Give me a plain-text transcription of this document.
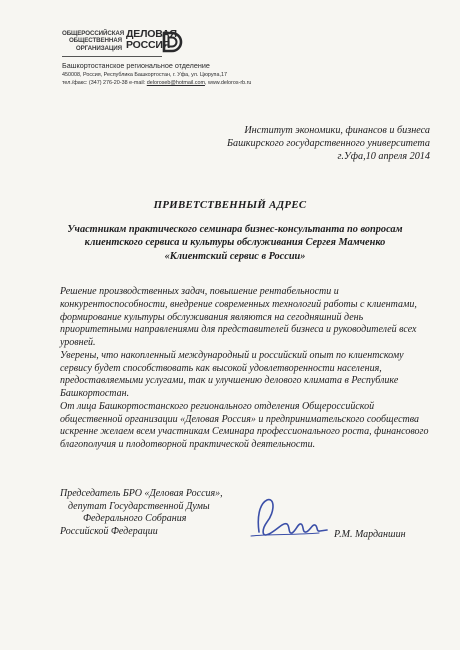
ОБЩЕРОССИЙСКАЯ
ОБЩЕСТВЕННАЯ
ОРГАНИЗАЦИЯ
ДЕЛОВАЯ
РОССИЯ
Башкортостанское региональное отделение
450008, Россия, Республика Башкортостан, г. Уфа, ул. Цюрупа,17
тел./факс: (347) 276-20-38 e-mail: deloroseb@hotmail.com, www.deloros-rb.ru
Институт экономики, финансов и бизнеса
Башкирского государственного университета
г.Уфа,10 апреля 2014
ПРИВЕТСТВЕННЫЙ АДРЕС
Участникам практического семинара бизнес-консультанта по вопросам
клиентского сервиса и культуры обслуживания Сергея Мамченко
«Клиентский сервис в России»

Решение производственных задач, повышение рентабельности и конкурентоспособности, внедрение современных технологий работы с клиентами, формирование культуры обслуживания являются на сегодняшний день приоритетными направлениями для представителей бизнеса и руководителей всех уровней.

Уверены, что накопленный международный и российский опыт по клиентскому сервису будет способствовать как высокой удовлетворенности населения, предоставляемыми услугами, так и улучшению делового климата в Республике Башкортостан.

От лица Башкортостанского регионального отделения Общероссийской общественной организации «Деловая Россия» и предпринимательского сообщества искренне желаем всем участникам Семинара профессионального роста, финансового благополучия и плодотворной практической деятельности.

Председатель БРО «Деловая Россия»,
депутат Государственной Думы
Федерального Собрания
Российской Федерации	Р.М. Марданшин
